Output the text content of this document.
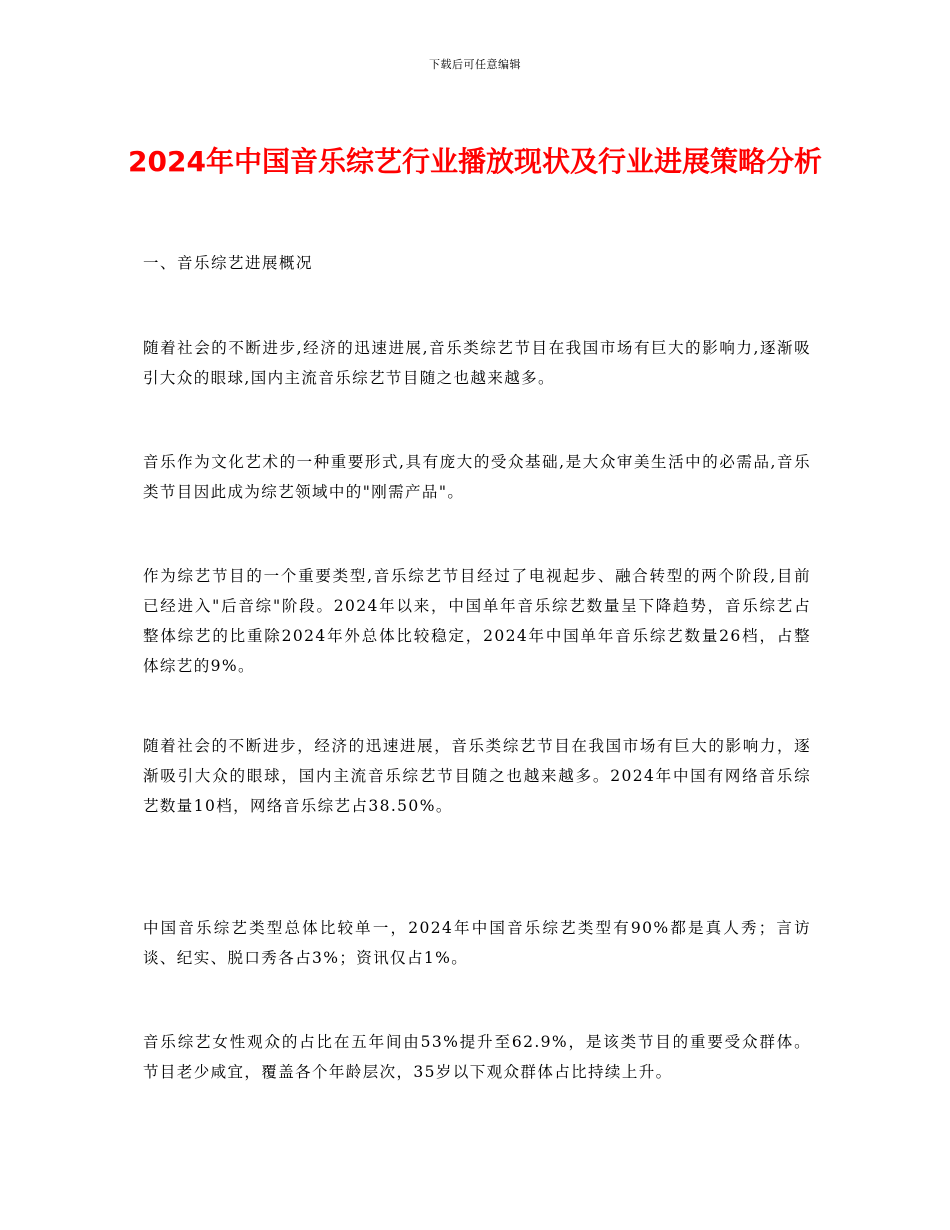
下载后可任意编辑
2024年中国音乐综艺行业播放现状及行业进展策略分析
一、音乐综艺进展概况

随着社会的不断进步,经济的迅速进展,音乐类综艺节目在我国市场有巨大的影响力,逐渐吸引大众的眼球,国内主流音乐综艺节目随之也越来越多。

音乐作为文化艺术的一种重要形式,具有庞大的受众基础,是大众审美生活中的必需品,音乐类节目因此成为综艺领域中的"刚需产品"。

作为综艺节目的一个重要类型,音乐综艺节目经过了电视起步、融合转型的两个阶段,目前已经进入"后音综"阶段。2024年以来，中国单年音乐综艺数量呈下降趋势，音乐综艺占整体综艺的比重除2024年外总体比较稳定，2024年中国单年音乐综艺数量26档，占整体综艺的9%。

随着社会的不断进步，经济的迅速进展，音乐类综艺节目在我国市场有巨大的影响力，逐渐吸引大众的眼球，国内主流音乐综艺节目随之也越来越多。2024年中国有网络音乐综艺数量10档，网络音乐综艺占38.50%。

中国音乐综艺类型总体比较单一，2024年中国音乐综艺类型有90%都是真人秀；言访谈、纪实、脱口秀各占3%；资讯仅占1%。

音乐综艺女性观众的占比在五年间由53%提升至62.9%，是该类节目的重要受众群体。节目老少咸宜，覆盖各个年龄层次，35岁以下观众群体占比持续上升。
